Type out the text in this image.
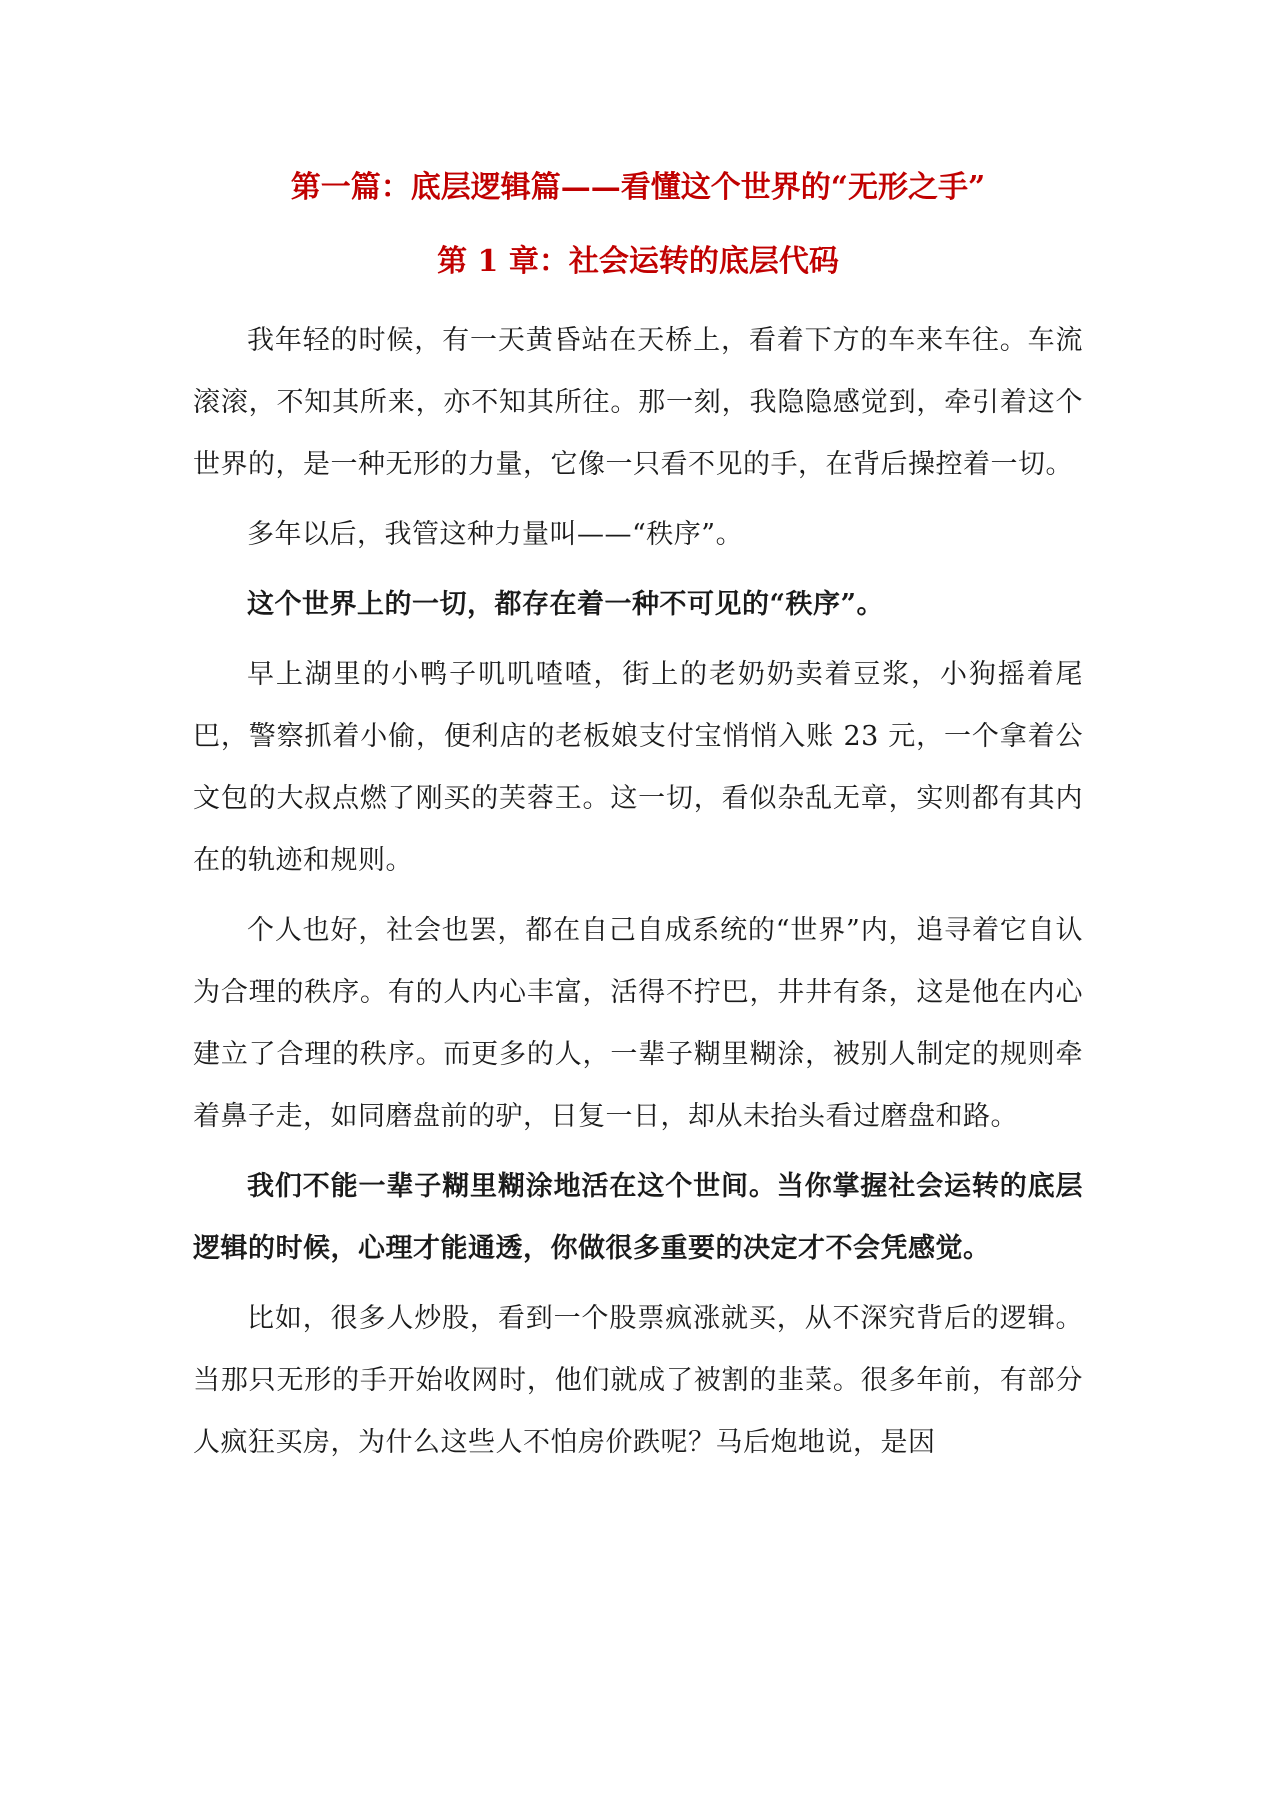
第一篇：底层逻辑篇——看懂这个世界的“无形之手”
第 1 章：社会运转的底层代码

我年轻的时候，有一天黄昏站在天桥上，看着下方的车来车往。车流滚滚，不知其所来，亦不知其所往。那一刻，我隐隐感觉到，牵引着这个世界的，是一种无形的力量，它像一只看不见的手，在背后操控着一切。

多年以后，我管这种力量叫——“秩序”。

这个世界上的一切，都存在着一种不可见的“秩序”。

早上湖里的小鸭子叽叽喳喳，街上的老奶奶卖着豆浆，小狗摇着尾巴，警察抓着小偷，便利店的老板娘支付宝悄悄入账 23 元，一个拿着公文包的大叔点燃了刚买的芙蓉王。这一切，看似杂乱无章，实则都有其内在的轨迹和规则。

个人也好，社会也罢，都在自己自成系统的“世界”内，追寻着它自认为合理的秩序。有的人内心丰富，活得不拧巴，井井有条，这是他在内心建立了合理的秩序。而更多的人，一辈子糊里糊涂，被别人制定的规则牵着鼻子走，如同磨盘前的驴，日复一日，却从未抬头看过磨盘和路。

我们不能一辈子糊里糊涂地活在这个世间。当你掌握社会运转的底层逻辑的时候，心理才能通透，你做很多重要的决定才不会凭感觉。

比如，很多人炒股，看到一个股票疯涨就买，从不深究背后的逻辑。当那只无形的手开始收网时，他们就成了被割的韭菜。很多年前，有部分人疯狂买房，为什么这些人不怕房价跌呢？马后炮地说，是因
